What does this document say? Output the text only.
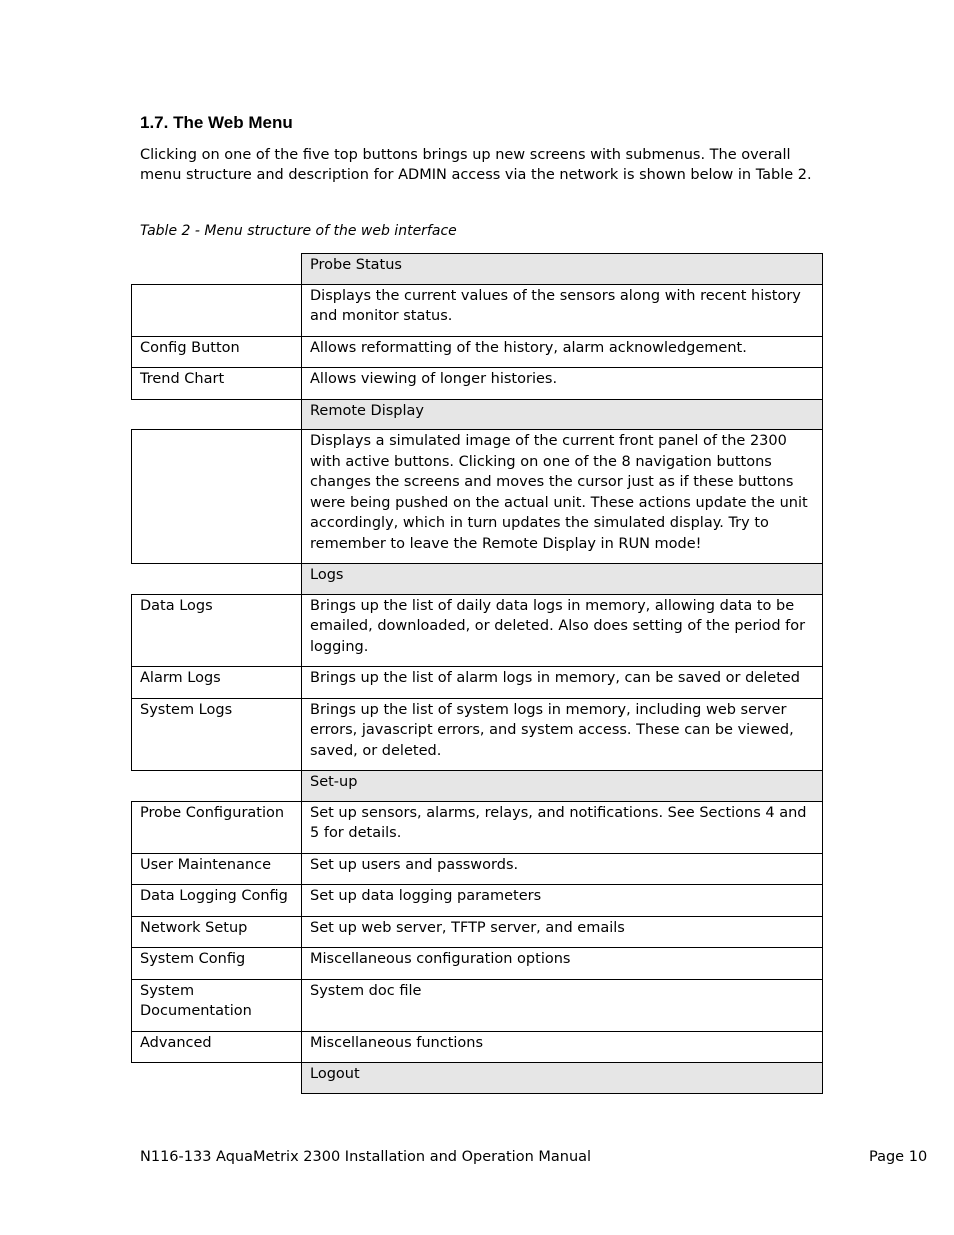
1.7. The Web Menu
Clicking on one of the five top buttons brings up new screens with submenus. The overall menu structure and description for ADMIN access via the network is shown below in Table 2.
Table 2 - Menu structure of the web interface
	Probe Status
	Displays the current values of the sensors along with recent history and monitor status.
Config Button	Allows reformatting of the history, alarm acknowledgement.
Trend Chart	Allows viewing of longer histories.
	Remote Display
	Displays a simulated image of the current front panel of the 2300 with active buttons. Clicking on one of the 8 navigation buttons changes the screens and moves the cursor just as if these buttons were being pushed on the actual unit. These actions update the unit accordingly, which in turn updates the simulated display. Try to remember to leave the Remote Display in RUN mode!
	Logs
Data Logs	Brings up the list of daily data logs in memory, allowing data to be emailed, downloaded, or deleted. Also does setting of the period for logging.
Alarm Logs	Brings up the list of alarm logs in memory, can be saved or deleted
System Logs	Brings up the list of system logs in memory, including web server errors, javascript errors, and system access. These can be viewed, saved, or deleted.
	Set-up
Probe Configuration	Set up sensors, alarms, relays, and notifications. See Sections 4 and 5 for details.
User Maintenance	Set up users and passwords.
Data Logging Config	Set up data logging parameters
Network Setup	Set up web server, TFTP server, and emails
System Config	Miscellaneous configuration options
System Documentation	System doc file
Advanced	Miscellaneous functions
	Logout
N116-133 AquaMetrix 2300 Installation and Operation Manual	Page 10
